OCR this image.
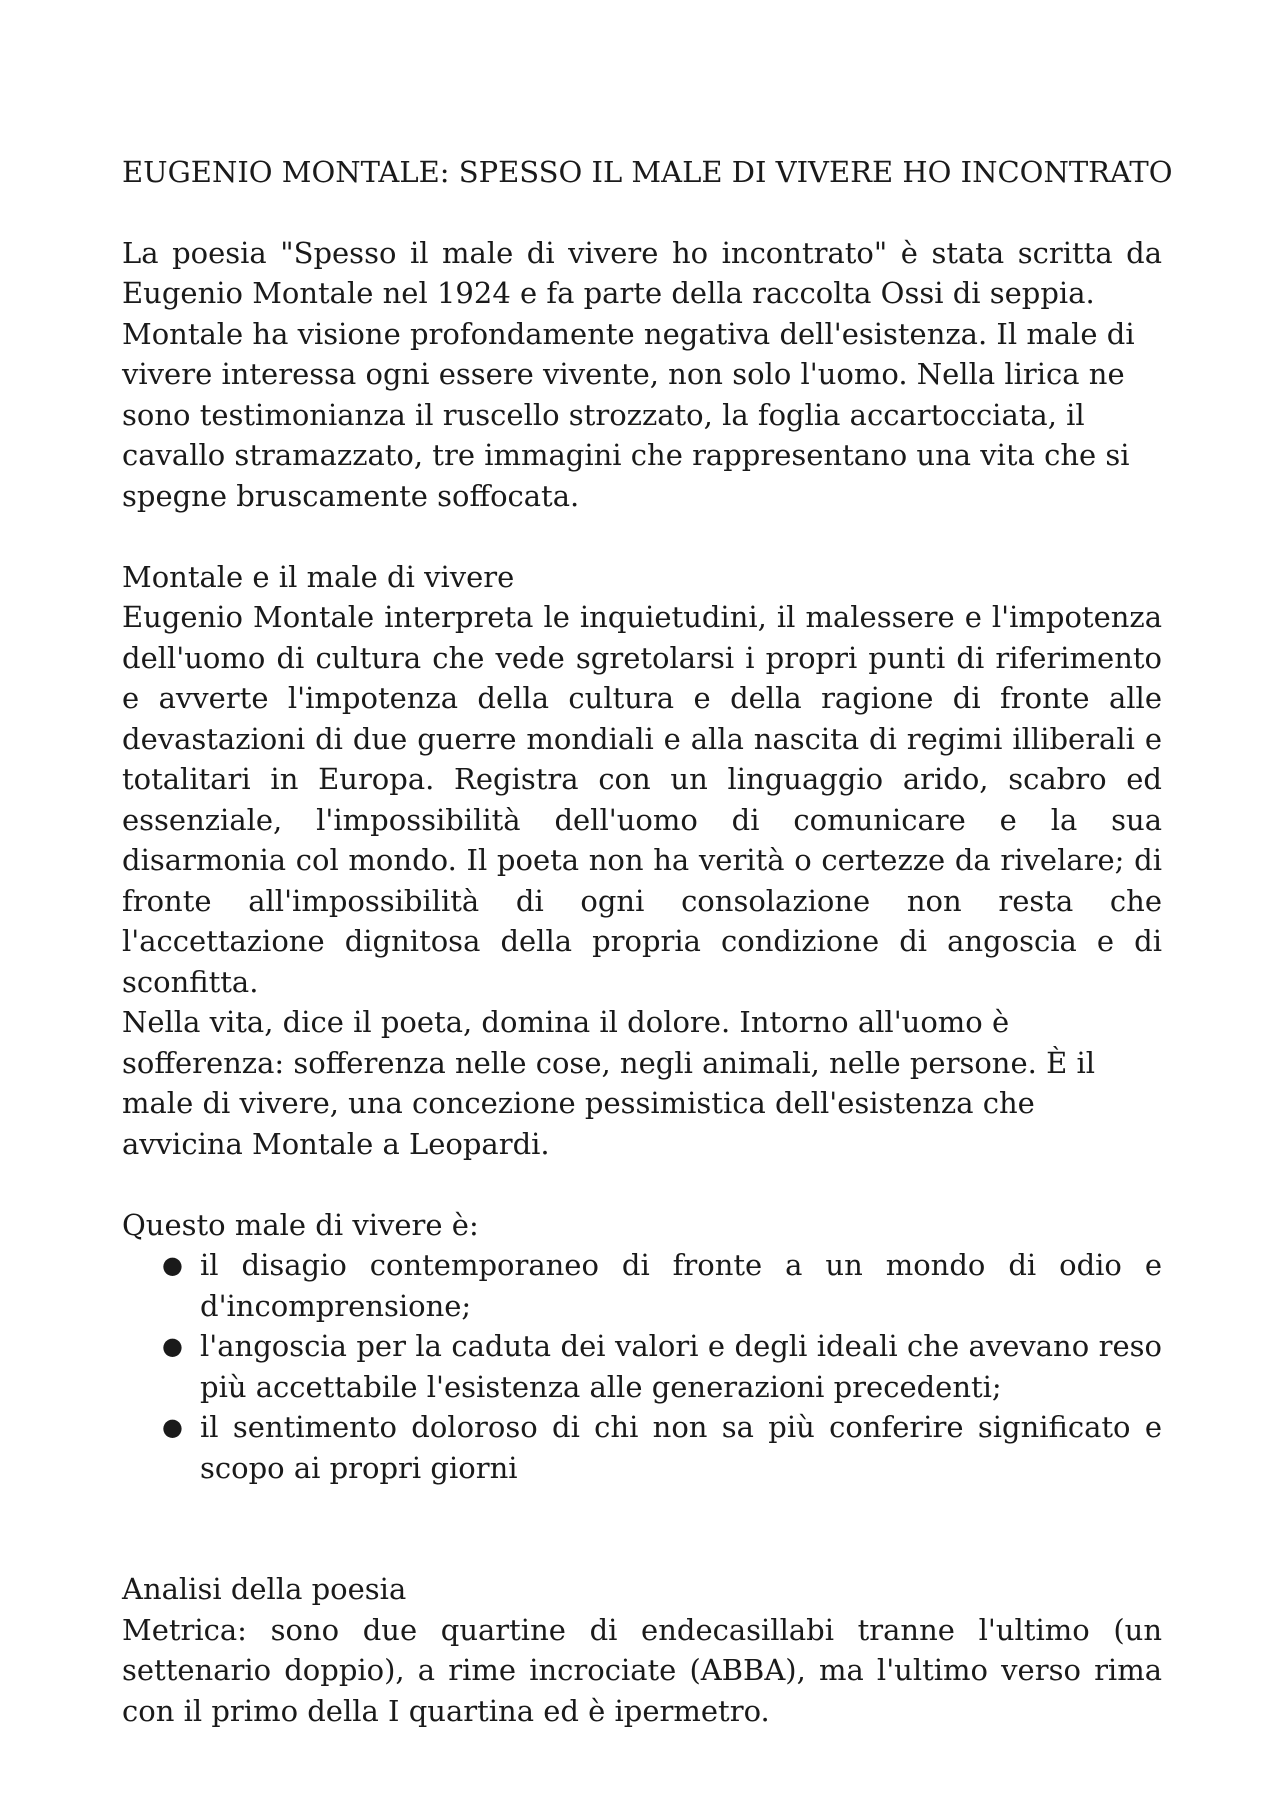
EUGENIO MONTALE: SPESSO IL MALE DI VIVERE HO INCONTRATO

La poesia "Spesso il male di vivere ho incontrato" è stata scritta da Eugenio Montale nel 1924 e fa parte della raccolta Ossi di seppia.

Montale ha visione profondamente negativa dell'esistenza. Il male di vivere interessa ogni essere vivente, non solo l'uomo. Nella lirica ne sono testimonianza il ruscello strozzato, la foglia accartocciata, il cavallo stramazzato, tre immagini che rappresentano una vita che si spegne bruscamente soffocata.

Montale e il male di vivere

Eugenio Montale interpreta le inquietudini, il malessere e l'impotenza dell'uomo di cultura che vede sgretolarsi i propri punti di riferimento e avverte l'impotenza della cultura e della ragione di fronte alle devastazioni di due guerre mondiali e alla nascita di regimi illiberali e totalitari in Europa. Registra con un linguaggio arido, scabro ed essenziale, l'impossibilità dell'uomo di comunicare e la sua disarmonia col mondo. Il poeta non ha verità o certezze da rivelare; di fronte all'impossibilità di ogni consolazione non resta che l'accettazione dignitosa della propria condizione di angoscia e di sconfitta.

Nella vita, dice il poeta, domina il dolore. Intorno all'uomo è sofferenza: sofferenza nelle cose, negli animali, nelle persone. È il male di vivere, una concezione pessimistica dell'esistenza che avvicina Montale a Leopardi.

Questo male di vivere è:

● il disagio contemporaneo di fronte a un mondo di odio e d'incomprensione;
● l'angoscia per la caduta dei valori e degli ideali che avevano reso più accettabile l'esistenza alle generazioni precedenti;
● il sentimento doloroso di chi non sa più conferire significato e scopo ai propri giorni

Analisi della poesia

Metrica: sono due quartine di endecasillabi tranne l'ultimo (un settenario doppio), a rime incrociate (ABBA), ma l'ultimo verso rima con il primo della I quartina ed è ipermetro.
